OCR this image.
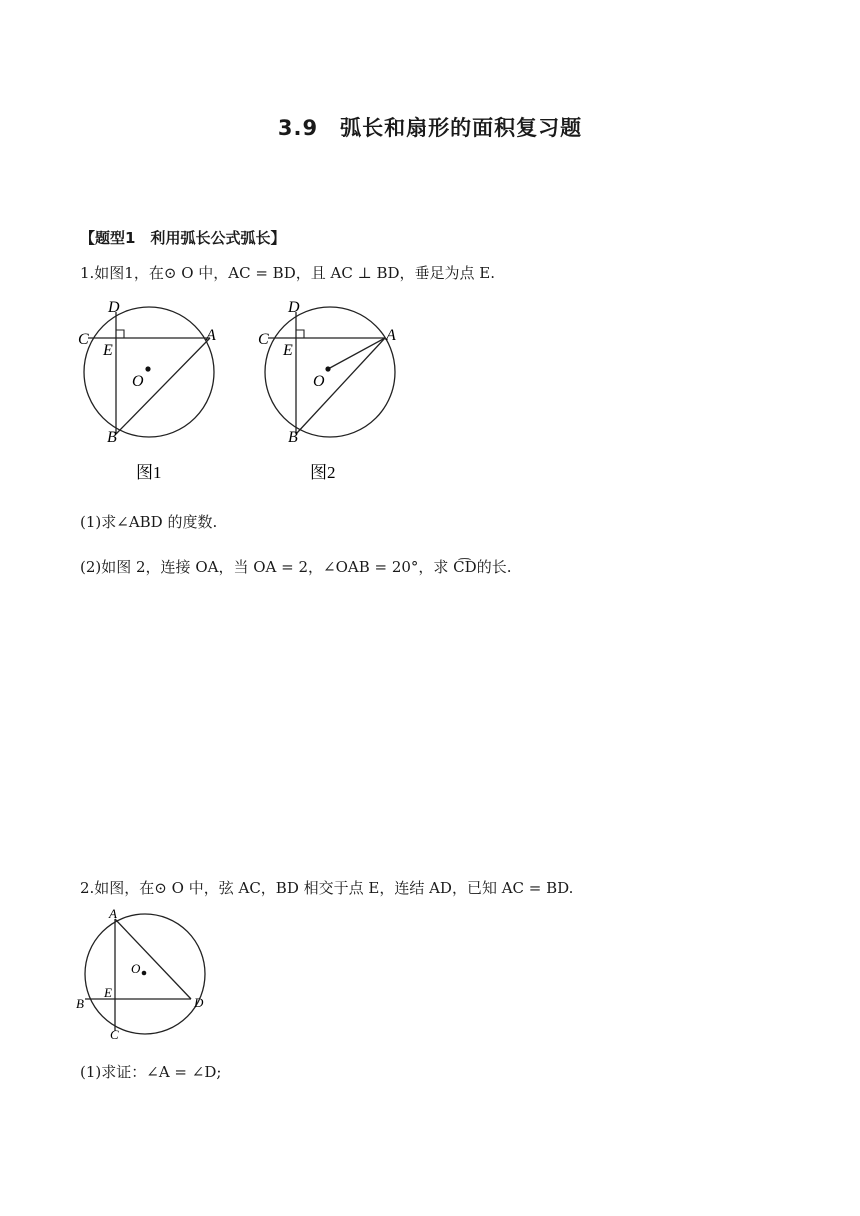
3.9　弧长和扇形的面积复习题
【题型1　利用弧长公式弧长】
1.如图1，在⊙ O 中，AC = BD，且 AC ⊥ BD，垂足为点 E.
D
C	A
E
O
B
图1
D
C	A
E
O
B
图2
(1)求∠ABD 的度数.
(2)如图 2，连接 OA，当 OA = 2，∠OAB = 20°，求 C͡D的长.
2.如图，在⊙ O 中，弦 AC，BD 相交于点 E，连结 AD，已知 AC = BD.
A
O
B
E
D
C
(1)求证：∠A = ∠D;
